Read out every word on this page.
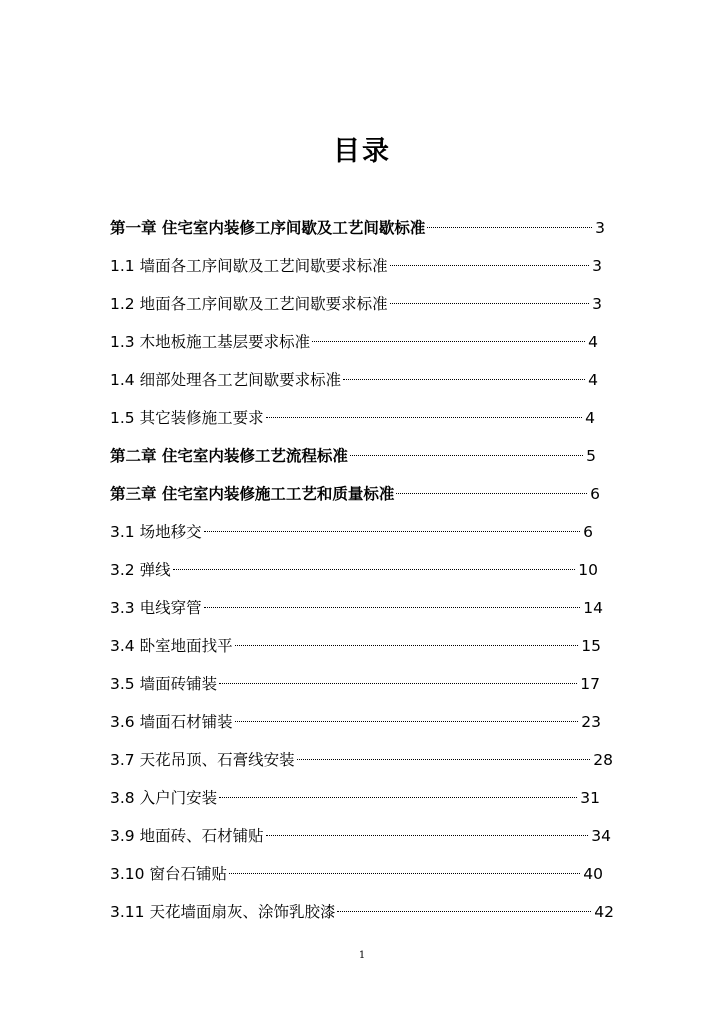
目录
第一章 住宅室内装修工序间歇及工艺间歇标准	3
1.1 墙面各工序间歇及工艺间歇要求标准	3
1.2 地面各工序间歇及工艺间歇要求标准	3
1.3 木地板施工基层要求标准	4
1.4 细部处理各工艺间歇要求标准	4
1.5 其它装修施工要求	4
第二章 住宅室内装修工艺流程标准	5
第三章 住宅室内装修施工工艺和质量标准	6
3.1 场地移交	6
3.2 弹线	10
3.3 电线穿管	14
3.4 卧室地面找平	15
3.5 墙面砖铺装	17
3.6 墙面石材铺装	23
3.7 天花吊顶、石膏线安装	28
3.8 入户门安装	31
3.9 地面砖、石材铺贴	34
3.10 窗台石铺贴	40
3.11 天花墙面扇灰、涂饰乳胶漆	42
1
